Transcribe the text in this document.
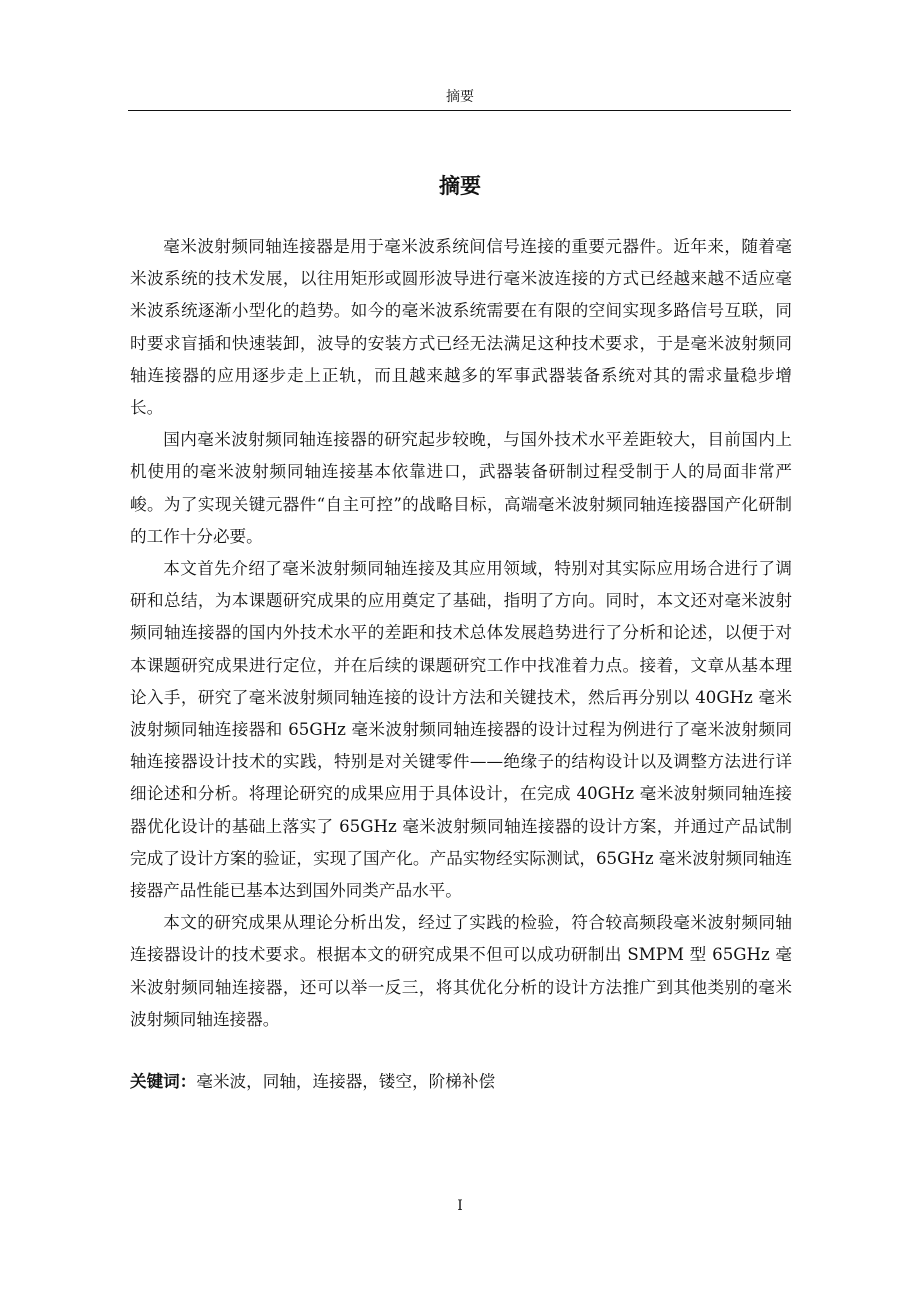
摘要
摘要

毫米波射频同轴连接器是用于毫米波系统间信号连接的重要元器件。近年来，随着毫米波系统的技术发展，以往用矩形或圆形波导进行毫米波连接的方式已经越来越不适应毫米波系统逐渐小型化的趋势。如今的毫米波系统需要在有限的空间实现多路信号互联，同时要求盲插和快速装卸，波导的安装方式已经无法满足这种技术要求，于是毫米波射频同轴连接器的应用逐步走上正轨，而且越来越多的军事武器装备系统对其的需求量稳步增长。

国内毫米波射频同轴连接器的研究起步较晚，与国外技术水平差距较大，目前国内上机使用的毫米波射频同轴连接基本依靠进口，武器装备研制过程受制于人的局面非常严峻。为了实现关键元器件“自主可控”的战略目标，高端毫米波射频同轴连接器国产化研制的工作十分必要。

本文首先介绍了毫米波射频同轴连接及其应用领域，特别对其实际应用场合进行了调研和总结，为本课题研究成果的应用奠定了基础，指明了方向。同时，本文还对毫米波射频同轴连接器的国内外技术水平的差距和技术总体发展趋势进行了分析和论述，以便于对本课题研究成果进行定位，并在后续的课题研究工作中找准着力点。接着，文章从基本理论入手，研究了毫米波射频同轴连接的设计方法和关键技术，然后再分别以 40GHz 毫米波射频同轴连接器和 65GHz 毫米波射频同轴连接器的设计过程为例进行了毫米波射频同轴连接器设计技术的实践，特别是对关键零件——绝缘子的结构设计以及调整方法进行详细论述和分析。将理论研究的成果应用于具体设计，在完成 40GHz 毫米波射频同轴连接器优化设计的基础上落实了 65GHz 毫米波射频同轴连接器的设计方案，并通过产品试制完成了设计方案的验证，实现了国产化。产品实物经实际测试，65GHz 毫米波射频同轴连接器产品性能已基本达到国外同类产品水平。

本文的研究成果从理论分析出发，经过了实践的检验，符合较高频段毫米波射频同轴连接器设计的技术要求。根据本文的研究成果不但可以成功研制出 SMPM 型 65GHz 毫米波射频同轴连接器，还可以举一反三，将其优化分析的设计方法推广到其他类别的毫米波射频同轴连接器。

关键词：毫米波，同轴，连接器，镂空，阶梯补偿
I
